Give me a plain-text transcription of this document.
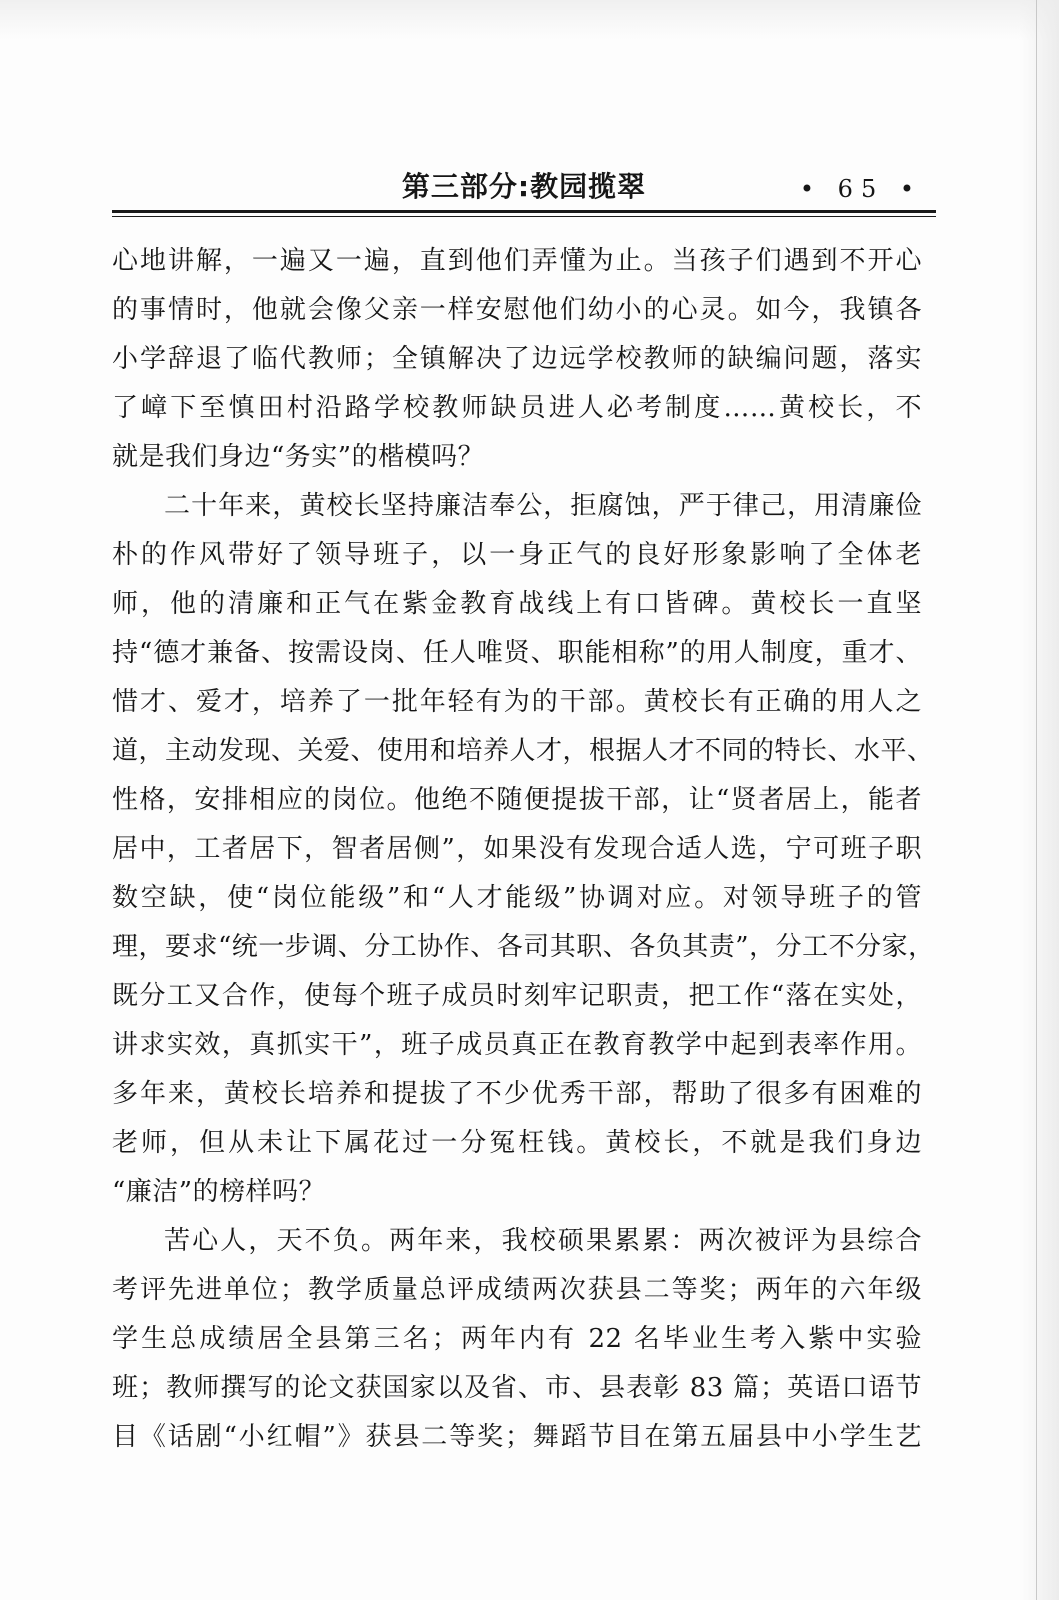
第三部分:教园揽翠	• 65 •
心地讲解，一遍又一遍，直到他们弄懂为止。当孩子们遇到不开心
的事情时，他就会像父亲一样安慰他们幼小的心灵。如今，我镇各
小学辞退了临代教师；全镇解决了边远学校教师的缺编问题，落实
了嶂下至慎田村沿路学校教师缺员进人必考制度……黄校长，不
就是我们身边“务实”的楷模吗？
二十年来，黄校长坚持廉洁奉公，拒腐蚀，严于律己，用清廉俭
朴的作风带好了领导班子，以一身正气的良好形象影响了全体老
师，他的清廉和正气在紫金教育战线上有口皆碑。黄校长一直坚
持“德才兼备、按需设岗、任人唯贤、职能相称”的用人制度，重才、
惜才、爱才，培养了一批年轻有为的干部。黄校长有正确的用人之
道，主动发现、关爱、使用和培养人才，根据人才不同的特长、水平、
性格，安排相应的岗位。他绝不随便提拔干部，让“贤者居上，能者
居中，工者居下，智者居侧”，如果没有发现合适人选，宁可班子职
数空缺，使“岗位能级”和“人才能级”协调对应。对领导班子的管
理，要求“统一步调、分工协作、各司其职、各负其责”，分工不分家，
既分工又合作，使每个班子成员时刻牢记职责，把工作“落在实处，
讲求实效，真抓实干”，班子成员真正在教育教学中起到表率作用。
多年来，黄校长培养和提拔了不少优秀干部，帮助了很多有困难的
老师，但从未让下属花过一分冤枉钱。黄校长，不就是我们身边
“廉洁”的榜样吗？
苦心人，天不负。两年来，我校硕果累累：两次被评为县综合
考评先进单位；教学质量总评成绩两次获县二等奖；两年的六年级
学生总成绩居全县第三名；两年内有 22 名毕业生考入紫中实验
班；教师撰写的论文获国家以及省、市、县表彰 83 篇；英语口语节
目《话剧“小红帽”》获县二等奖；舞蹈节目在第五届县中小学生艺
